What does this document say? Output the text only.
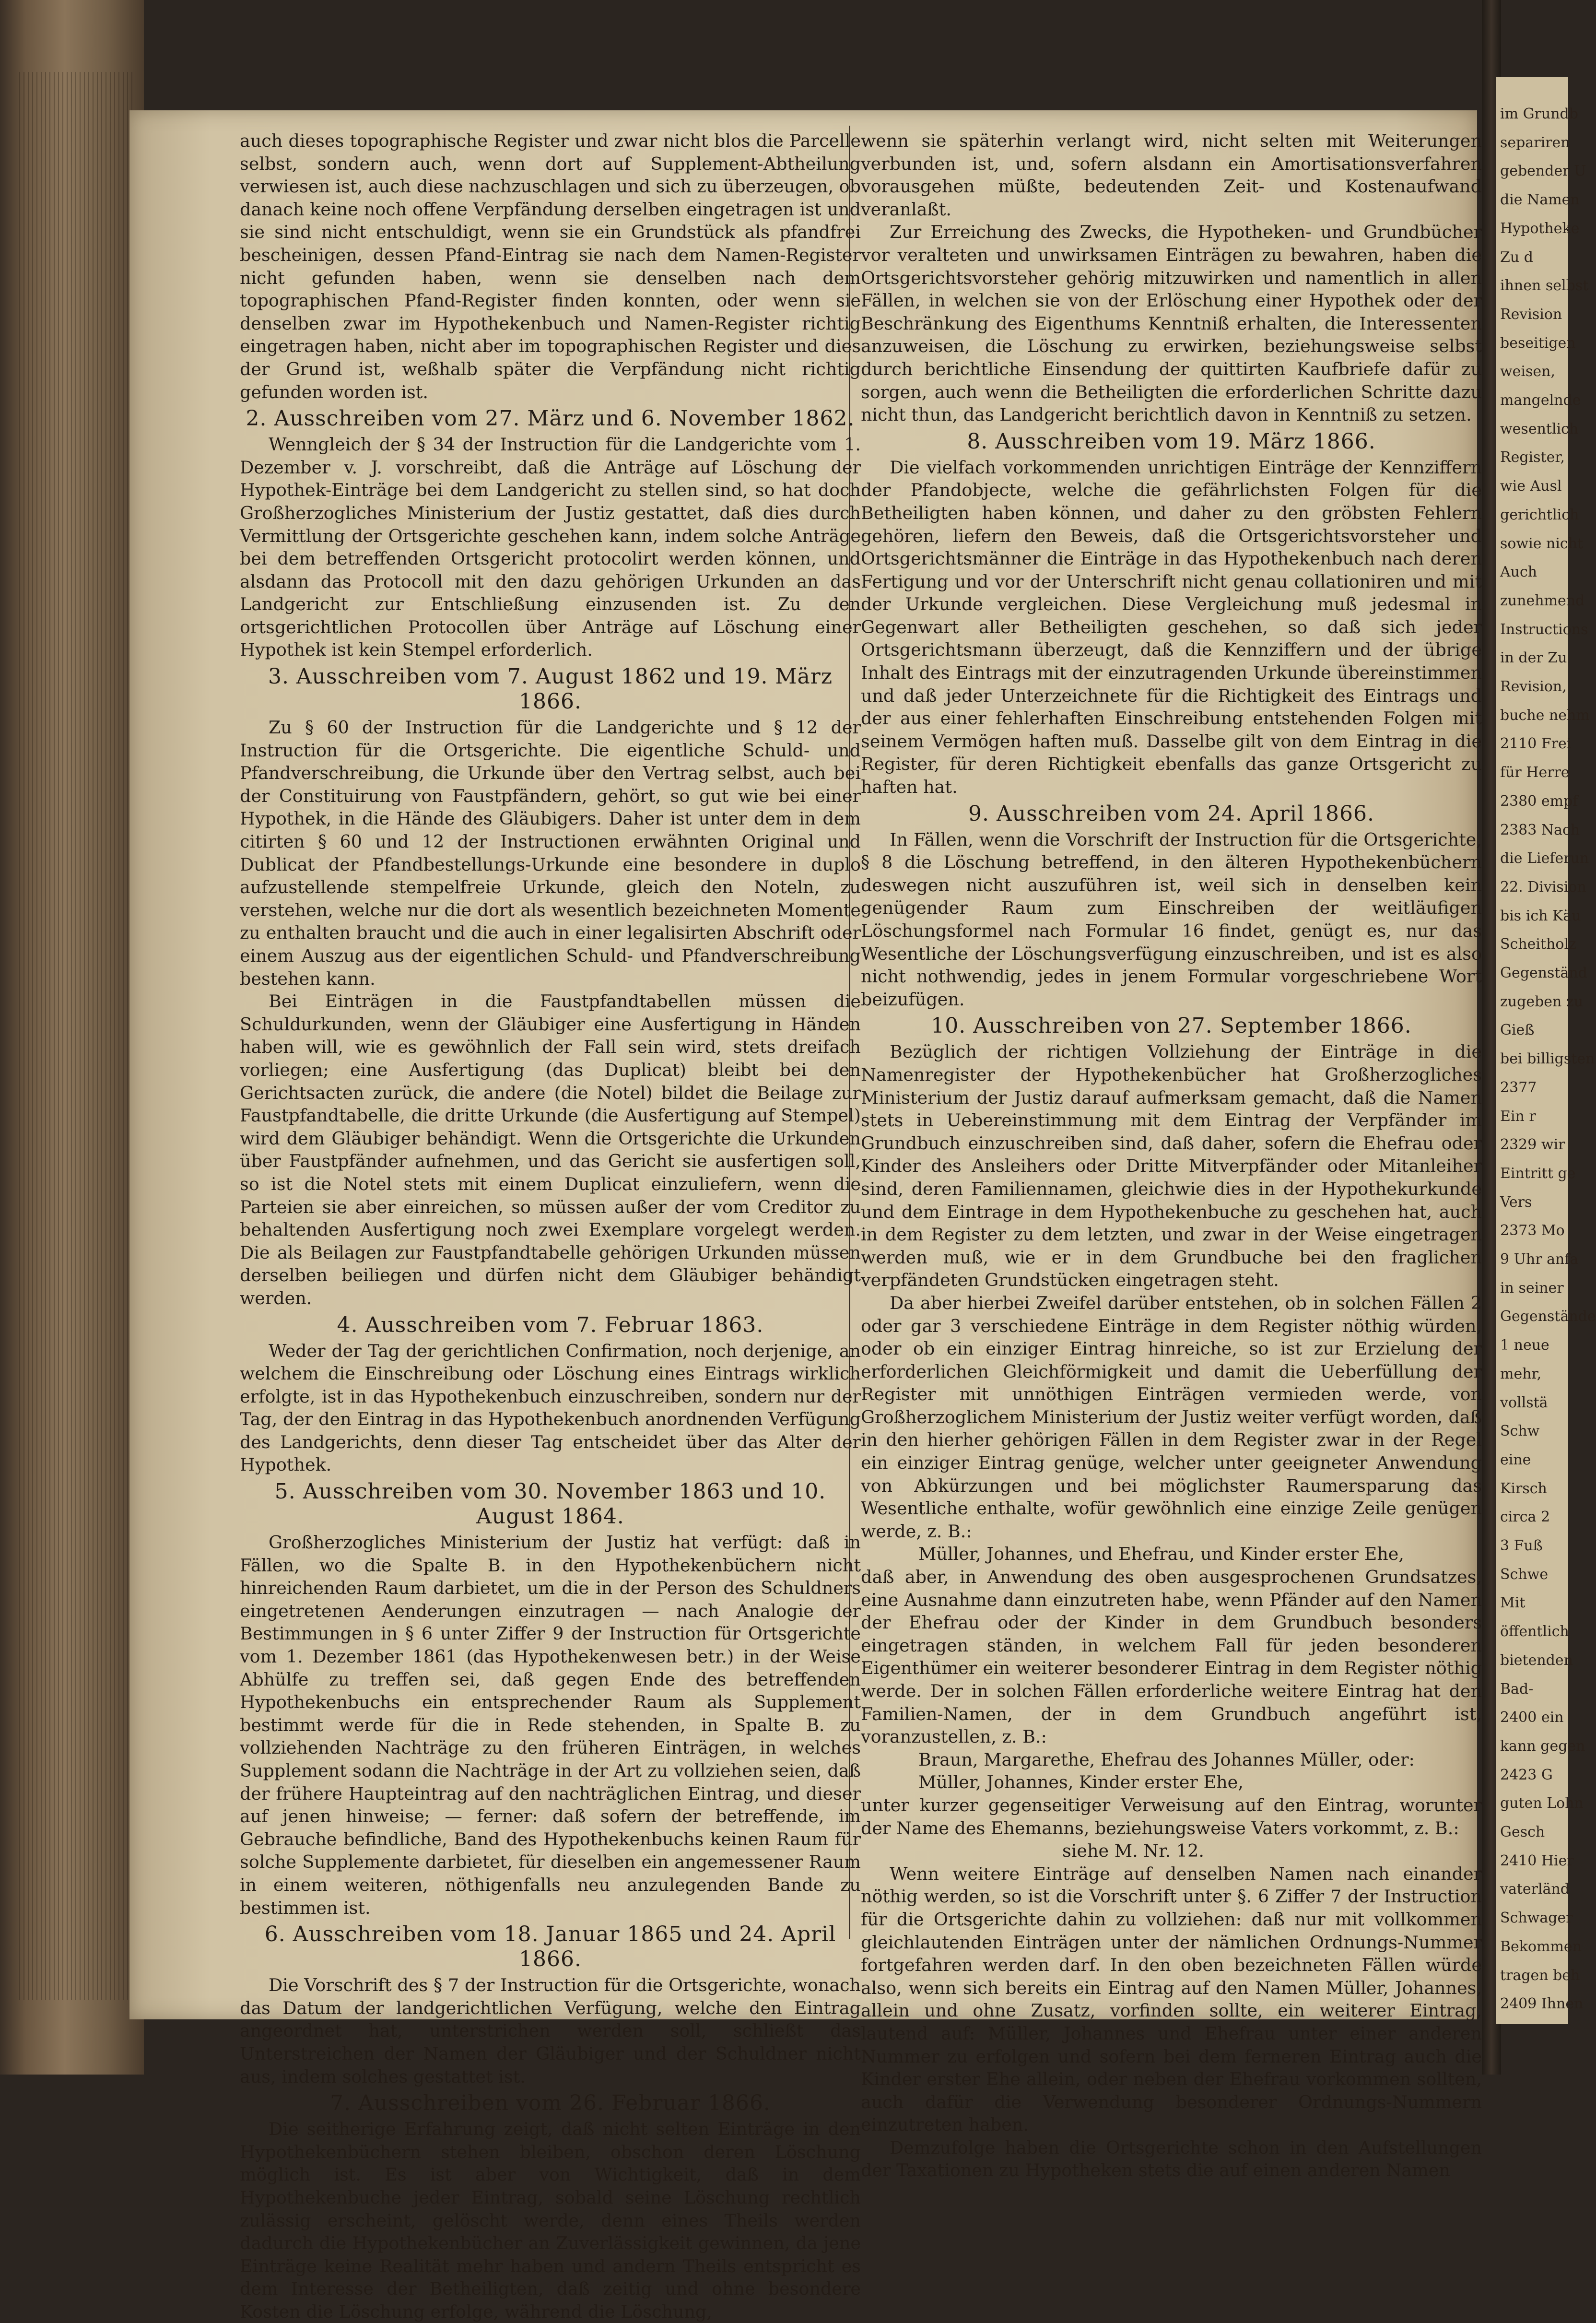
auch dieses topographische Register und zwar nicht blos die Parcelle selbst, sondern auch, wenn dort auf Supplement-Abtheilung verwiesen ist, auch diese nachzuschlagen und sich zu überzeugen, ob danach keine noch offene Verpfändung derselben eingetragen ist und sie sind nicht entschuldigt, wenn sie ein Grundstück als pfandfrei bescheinigen, dessen Pfand-Eintrag sie nach dem Namen-Register nicht gefunden haben, wenn sie denselben nach dem topographischen Pfand-Register finden konnten, oder wenn sie denselben zwar im Hypothekenbuch und Namen-Register richtig eingetragen haben, nicht aber im topographischen Register und dies der Grund ist, weßhalb später die Verpfändung nicht richtig gefunden worden ist.

2. Ausschreiben vom 27. März und 6. November 1862.

Wenngleich der § 34 der Instruction für die Landgerichte vom 1. Dezember v. J. vorschreibt, daß die Anträge auf Löschung der Hypothek-Einträge bei dem Landgericht zu stellen sind, so hat doch Großherzogliches Ministerium der Justiz gestattet, daß dies durch Vermittlung der Ortsgerichte geschehen kann, indem solche Anträge bei dem betreffenden Ortsgericht protocolirt werden können, und alsdann das Protocoll mit den dazu gehörigen Urkunden an das Landgericht zur Entschließung einzusenden ist. Zu den ortsgerichtlichen Protocollen über Anträge auf Löschung einer Hypothek ist kein Stempel erforderlich.

3. Ausschreiben vom 7. August 1862 und 19. März 1866.

Zu § 60 der Instruction für die Landgerichte und § 12 der Instruction für die Ortsgerichte. Die eigentliche Schuld- und Pfandverschreibung, die Urkunde über den Vertrag selbst, auch bei der Constituirung von Faustpfändern, gehört, so gut wie bei einer Hypothek, in die Hände des Gläubigers. Daher ist unter dem in dem citirten § 60 und 12 der Instructionen erwähnten Original und Dublicat der Pfandbestellungs-Urkunde eine besondere in duplo aufzustellende stempelfreie Urkunde, gleich den Noteln, zu verstehen, welche nur die dort als wesentlich bezeichneten Momente zu enthalten braucht und die auch in einer legalisirten Abschrift oder einem Auszug aus der eigentlichen Schuld- und Pfandverschreibung bestehen kann.

Bei Einträgen in die Faustpfandtabellen müssen die Schuldurkunden, wenn der Gläubiger eine Ausfertigung in Händen haben will, wie es gewöhnlich der Fall sein wird, stets dreifach vorliegen; eine Ausfertigung (das Duplicat) bleibt bei den Gerichtsacten zurück, die andere (die Notel) bildet die Beilage zur Faustpfandtabelle, die dritte Urkunde (die Ausfertigung auf Stempel) wird dem Gläubiger behändigt. Wenn die Ortsgerichte die Urkunden über Faustpfänder aufnehmen, und das Gericht sie ausfertigen soll, so ist die Notel stets mit einem Duplicat einzuliefern, wenn die Parteien sie aber einreichen, so müssen außer der vom Creditor zu behaltenden Ausfertigung noch zwei Exemplare vorgelegt werden. Die als Beilagen zur Faustpfandtabelle gehörigen Urkunden müssen derselben beiliegen und dürfen nicht dem Gläubiger behändigt werden.

4. Ausschreiben vom 7. Februar 1863.

Weder der Tag der gerichtlichen Confirmation, noch derjenige, an welchem die Einschreibung oder Löschung eines Eintrags wirklich erfolgte, ist in das Hypothekenbuch einzuschreiben, sondern nur der Tag, der den Eintrag in das Hypothekenbuch anordnenden Verfügung des Landgerichts, denn dieser Tag entscheidet über das Alter der Hypothek.

5. Ausschreiben vom 30. November 1863 und 10. August 1864.

Großherzogliches Ministerium der Justiz hat verfügt: daß in Fällen, wo die Spalte B. in den Hypothekenbüchern nicht hinreichenden Raum darbietet, um die in der Person des Schuldners eingetretenen Aenderungen einzutragen — nach Analogie der Bestimmungen in § 6 unter Ziffer 9 der Instruction für Ortsgerichte vom 1. Dezember 1861 (das Hypothekenwesen betr.) in der Weise Abhülfe zu treffen sei, daß gegen Ende des betreffenden Hypothekenbuchs ein entsprechender Raum als Supplement bestimmt werde für die in Rede stehenden, in Spalte B. zu vollziehenden Nachträge zu den früheren Einträgen, in welches Supplement sodann die Nachträge in der Art zu vollziehen seien, daß der frühere Haupteintrag auf den nachträglichen Eintrag, und dieser auf jenen hinweise; — ferner: daß sofern der betreffende, im Gebrauche befindliche, Band des Hypothekenbuchs keinen Raum für solche Supplemente darbietet, für dieselben ein angemessener Raum in einem weiteren, nöthigenfalls neu anzulegenden Bande zu bestimmen ist.

6. Ausschreiben vom 18. Januar 1865 und 24. April 1866.

Die Vorschrift des § 7 der Instruction für die Ortsgerichte, wonach das Datum der landgerichtlichen Verfügung, welche den Eintrag angeordnet hat, unterstrichen werden soll, schließt das Unterstreichen der Namen der Gläubiger und der Schuldner nicht aus, indem solches gestattet ist.

7. Ausschreiben vom 26. Februar 1866.

Die seitherige Erfahrung zeigt, daß nicht selten Einträge in den Hypothekenbüchern stehen bleiben, obschon deren Löschung möglich ist. Es ist aber von Wichtigkeit, daß in dem Hypothekenbuche jeder Eintrag, sobald seine Löschung rechtlich zulässig erscheint, gelöscht werde, denn eines Theils werden dadurch die Hypothekenbücher an Zuverlässigkeit gewinnen, da jene Einträge keine Realität mehr haben und andern Theils entspricht es dem Interesse der Betheiligten, daß zeitig und ohne besondere Kosten die Löschung erfolge, während die Löschung,

wenn sie späterhin verlangt wird, nicht selten mit Weiterungen verbunden ist, und, sofern alsdann ein Amortisationsverfahren vorausgehen müßte, bedeutenden Zeit- und Kostenaufwand veranlaßt.

Zur Erreichung des Zwecks, die Hypotheken- und Grundbücher vor veralteten und unwirksamen Einträgen zu bewahren, haben die Ortsgerichtsvorsteher gehörig mitzuwirken und namentlich in allen Fällen, in welchen sie von der Erlöschung einer Hypothek oder der Beschränkung des Eigenthums Kenntniß erhalten, die Interessenten anzuweisen, die Löschung zu erwirken, beziehungsweise selbst durch berichtliche Einsendung der quittirten Kaufbriefe dafür zu sorgen, auch wenn die Betheiligten die erforderlichen Schritte dazu nicht thun, das Landgericht berichtlich davon in Kenntniß zu setzen.

8. Ausschreiben vom 19. März 1866.

Die vielfach vorkommenden unrichtigen Einträge der Kennziffern der Pfandobjecte, welche die gefährlichsten Folgen für die Betheiligten haben können, und daher zu den gröbsten Fehlern gehören, liefern den Beweis, daß die Ortsgerichtsvorsteher und Ortsgerichtsmänner die Einträge in das Hypothekenbuch nach deren Fertigung und vor der Unterschrift nicht genau collationiren und mit der Urkunde vergleichen. Diese Vergleichung muß jedesmal in Gegenwart aller Betheiligten geschehen, so daß sich jeder Ortsgerichtsmann überzeugt, daß die Kennziffern und der übrige Inhalt des Eintrags mit der einzutragenden Urkunde übereinstimmen und daß jeder Unterzeichnete für die Richtigkeit des Eintrags und der aus einer fehlerhaften Einschreibung entstehenden Folgen mit seinem Vermögen haften muß. Dasselbe gilt von dem Eintrag in die Register, für deren Richtigkeit ebenfalls das ganze Ortsgericht zu haften hat.

9. Ausschreiben vom 24. April 1866.

In Fällen, wenn die Vorschrift der Instruction für die Ortsgerichte, § 8 die Löschung betreffend, in den älteren Hypothekenbüchern deswegen nicht auszuführen ist, weil sich in denselben kein genügender Raum zum Einschreiben der weitläufigen Löschungsformel nach Formular 16 findet, genügt es, nur das Wesentliche der Löschungsverfügung einzuschreiben, und ist es also nicht nothwendig, jedes in jenem Formular vorgeschriebene Wort beizufügen.

10. Ausschreiben von 27. September 1866.

Bezüglich der richtigen Vollziehung der Einträge in die Namenregister der Hypothekenbücher hat Großherzogliches Ministerium der Justiz darauf aufmerksam gemacht, daß die Namen stets in Uebereinstimmung mit dem Eintrag der Verpfänder im Grundbuch einzuschreiben sind, daß daher, sofern die Ehefrau oder Kinder des Ansleihers oder Dritte Mitverpfänder oder Mitanleiher sind, deren Familiennamen, gleichwie dies in der Hypothekurkunde und dem Eintrage in dem Hypothekenbuche zu geschehen hat, auch in dem Register zu dem letzten, und zwar in der Weise eingetragen werden muß, wie er in dem Grundbuche bei den fraglichen verpfändeten Grundstücken eingetragen steht.

Da aber hierbei Zweifel darüber entstehen, ob in solchen Fällen 2 oder gar 3 verschiedene Einträge in dem Register nöthig würden, oder ob ein einziger Eintrag hinreiche, so ist zur Erzielung der erforderlichen Gleichförmigkeit und damit die Ueberfüllung der Register mit unnöthigen Einträgen vermieden werde, von Großherzoglichem Ministerium der Justiz weiter verfügt worden, daß in den hierher gehörigen Fällen in dem Register zwar in der Regel ein einziger Eintrag genüge, welcher unter geeigneter Anwendung von Abkürzungen und bei möglichster Raumersparung das Wesentliche enthalte, wofür gewöhnlich eine einzige Zeile genügen werde, z. B.:

Müller, Johannes, und Ehefrau, und Kinder erster Ehe,

daß aber, in Anwendung des oben ausgesprochenen Grundsatzes, eine Ausnahme dann einzutreten habe, wenn Pfänder auf den Namen der Ehefrau oder der Kinder in dem Grundbuch besonders eingetragen ständen, in welchem Fall für jeden besonderen Eigenthümer ein weiterer besonderer Eintrag in dem Register nöthig werde. Der in solchen Fällen erforderliche weitere Eintrag hat den Familien-Namen, der in dem Grundbuch angeführt ist, voranzustellen, z. B.:

Braun, Margarethe, Ehefrau des Johannes Müller, oder:

Müller, Johannes, Kinder erster Ehe,

unter kurzer gegenseitiger Verweisung auf den Eintrag, worunter der Name des Ehemanns, beziehungsweise Vaters vorkommt, z. B.:

siehe M. Nr. 12.

Wenn weitere Einträge auf denselben Namen nach einander nöthig werden, so ist die Vorschrift unter §. 6 Ziffer 7 der Instruction für die Ortsgerichte dahin zu vollziehen: daß nur mit vollkommen gleichlautenden Einträgen unter der nämlichen Ordnungs-Nummer fortgefahren werden darf. In den oben bezeichneten Fällen würde also, wenn sich bereits ein Eintrag auf den Namen Müller, Johannes, allein und ohne Zusatz, vorfinden sollte, ein weiterer Eintrag, lautend auf: Müller, Johannes und Ehefrau unter einer anderen Nummer zu erfolgen und sofern bei dem ferneren Eintrag auch die Kinder erster Ehe allein, oder neben der Ehefrau vorkommen sollten, auch dafür die Verwendung besonderer Ordnungs-Nummern einzutreten haben.

Demzufolge haben die Ortsgerichte schon in den Aufstellungen der Taxationen zu Hypotheken stets die auf einen anderen Namen

im Grundb
separiren
gebender U
die Namen
Hypotheke
Zu d
ihnen selbst
Revision
beseitigen
weisen,
mangelnde
wesentlich
Register,
wie Ausl
gerichtlich
sowie nicht
Auch
zunehmend
Instructions
in der Zu
Revision,
buche nehm
2110 Frei
für Herre
2380 empf
2383 Nach
die Lieferun
22. Division
bis ich Käu
Scheitholz
Gegenständ
zugeben zu
Gieß
bei billigsten
2377
Ein r
2329 wir
Eintritt ge
Vers
2373 Mo
9 Uhr anfa
in seiner
Gegenstände
1 neue
mehr,
vollstä
Schw
eine
Kirsch
circa 2
3 Fuß
Schwe
Mit
öffentlich
bietenden
Bad-
2400 ein
kann gegen
2423 G
guten Lohn
Gesch
2410 Hier
vaterländ
Schwager
Bekommen
tragen beh
2409 Ihnen
